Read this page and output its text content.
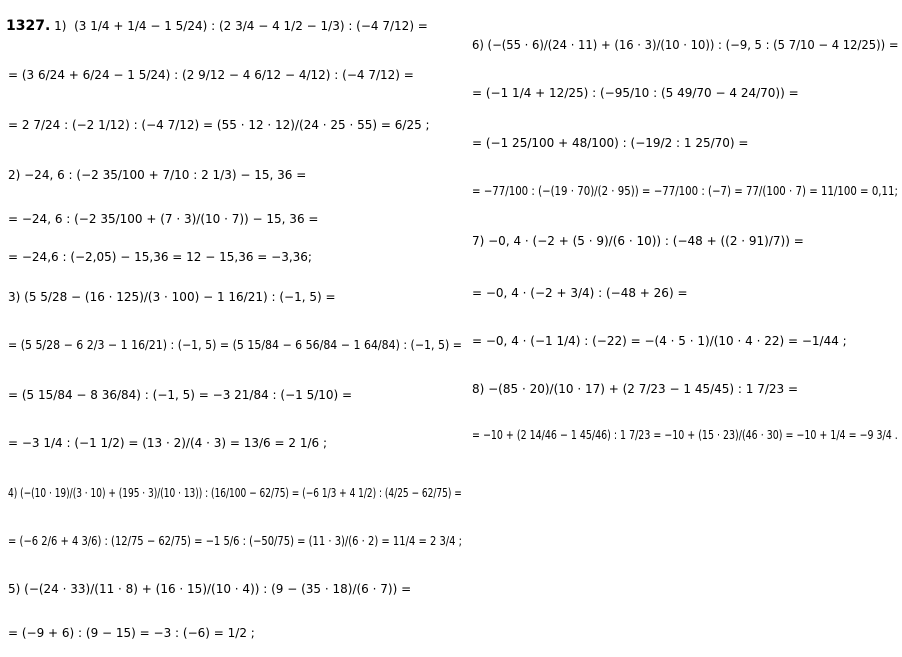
1327. 1)  (3 1/4 + 1/4 − 1 5/24) : (2 3/4 − 4 1/2 − 1/3) : (−4 7/12) =
= (3 6/24 + 6/24 − 1 5/24) : (2 9/12 − 4 6/12 − 4/12) : (−4 7/12) =
= 2 7/24 : (−2 1/12) : (−4 7/12) = (55 · 12 · 12)/(24 · 25 · 55) = 6/25 ;
2) −24, 6 : (−2 35/100 + 7/10 : 2 1/3) − 15, 36 =
= −24, 6 : (−2 35/100 + (7 · 3)/(10 · 7)) − 15, 36 =
= −24,6 : (−2,05) − 15,36 = 12 − 15,36 = −3,36;
3) (5 5/28 − (16 · 125)/(3 · 100) − 1 16/21) : (−1, 5) =
= (5 5/28 − 6 2/3 − 1 16/21) : (−1, 5) = (5 15/84 − 6 56/84 − 1 64/84) : (−1, 5) =
= (5 15/84 − 8 36/84) : (−1, 5) = −3 21/84 : (−1 5/10) =
= −3 1/4 : (−1 1/2) = (13 · 2)/(4 · 3) = 13/6 = 2 1/6 ;
4) (−(10 · 19)/(3 · 10) + (195 · 3)/(10 · 13)) : (16/100 − 62/75) = (−6 1/3 + 4 1/2) : (4/25 − 62/75) =
= (−6 2/6 + 4 3/6) : (12/75 − 62/75) = −1 5/6 : (−50/75) = (11 · 3)/(6 · 2) = 11/4 = 2 3/4 ;
5) (−(24 · 33)/(11 · 8) + (16 · 15)/(10 · 4)) : (9 − (35 · 18)/(6 · 7)) =
= (−9 + 6) : (9 − 15) = −3 : (−6) = 1/2 ;
6) (−(55 · 6)/(24 · 11) + (16 · 3)/(10 · 10)) : (−9, 5 : (5 7/10 − 4 12/25)) =
= (−1 1/4 + 12/25) : (−95/10 : (5 49/70 − 4 24/70)) =
= (−1 25/100 + 48/100) : (−19/2 : 1 25/70) =
= −77/100 : (−(19 · 70)/(2 · 95)) = −77/100 : (−7) = 77/(100 · 7) = 11/100 = 0,11;
7) −0, 4 · (−2 + (5 · 9)/(6 · 10)) : (−48 + ((2 · 91)/7)) =
= −0, 4 · (−2 + 3/4) : (−48 + 26) =
= −0, 4 · (−1 1/4) : (−22) = −(4 · 5 · 1)/(10 · 4 · 22) = −1/44 ;
8) −(85 · 20)/(10 · 17) + (2 7/23 − 1 45/45) : 1 7/23 =
= −10 + (2 14/46 − 1 45/46) : 1 7/23 = −10 + (15 · 23)/(46 · 30) = −10 + 1/4 = −9 3/4 .
